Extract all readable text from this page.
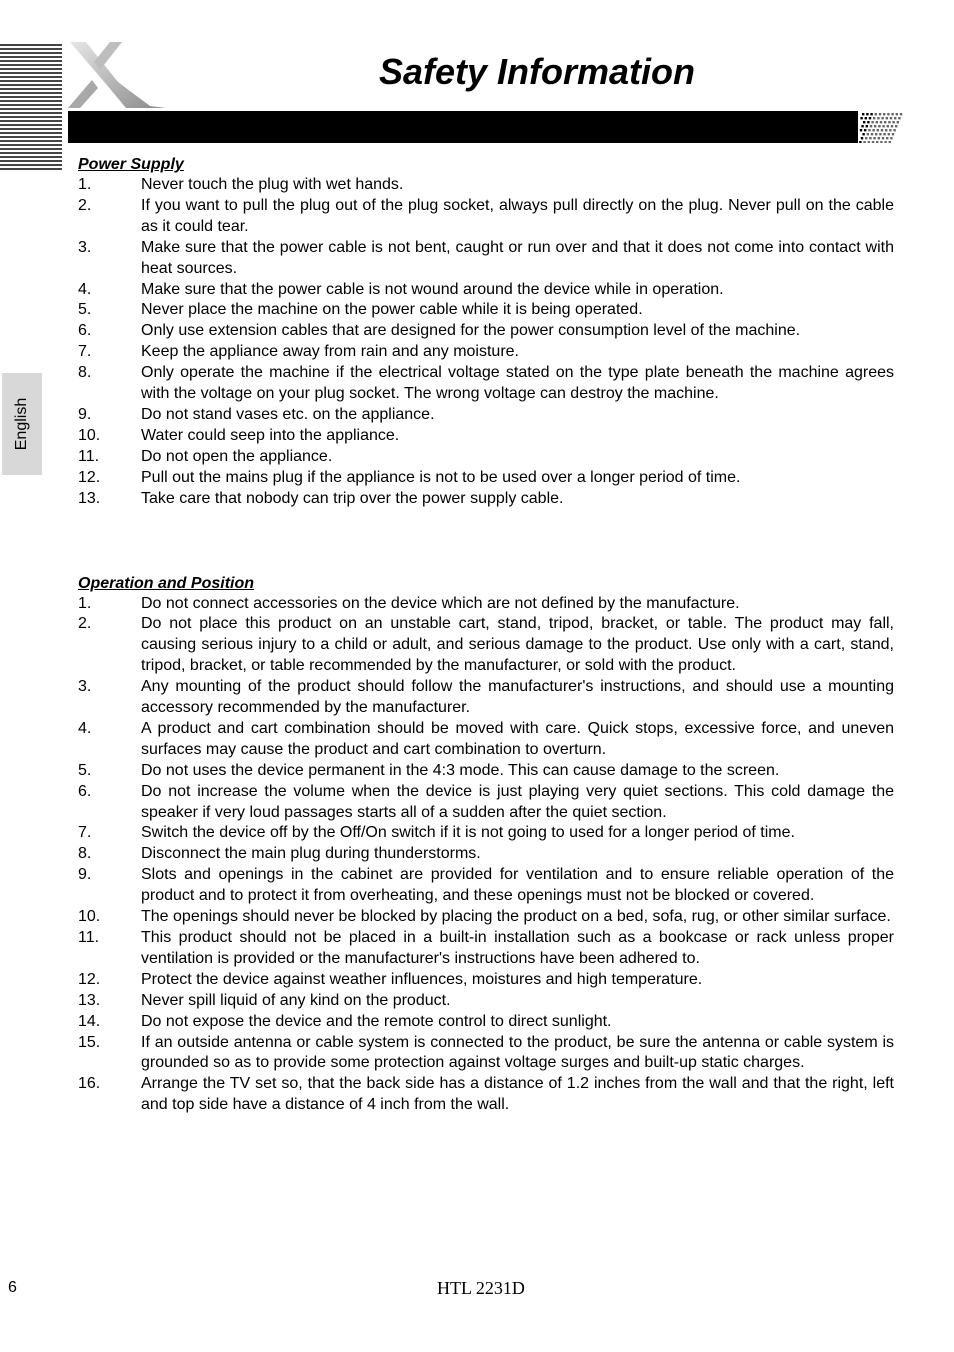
Safety Information
English
Power Supply
1.	Never touch the plug with wet hands.
2.	If you want to pull the plug out of the plug socket, always pull directly on the plug. Never pull on the cable as it could tear.
3.	Make sure that the power cable is not bent, caught or run over and that it does not come into contact with heat sources.
4.	Make sure that the power cable is not wound around the device while in operation.
5.	Never place the machine on the power cable while it is being operated.
6.	Only use extension cables that are designed for the power consumption level of the machine.
7.	Keep the appliance away from rain and any moisture.
8.	Only operate the machine if the electrical voltage stated on the type plate beneath the machine agrees with the voltage on your plug socket. The wrong voltage can destroy the machine.
9.	Do not stand vases etc. on the appliance.
10.	Water could seep into the appliance.
11.	Do not open the appliance.
12.	Pull out the mains plug if the appliance is not to be used over a longer period of time.
13.	Take care that nobody can trip over the power supply cable.
Operation and Position
1.	Do not connect accessories on the device which are not defined by the manufacture.
2.	Do not place this product on an unstable cart, stand, tripod, bracket, or table. The product may fall, causing serious injury to a child or adult, and serious damage to the product. Use only with a cart, stand, tripod, bracket, or table recommended by the manufacturer, or sold with the product.
3.	Any mounting of the product should follow the manufacturer's instructions, and should use a mounting accessory recommended by the manufacturer.
4.	A product and cart combination should be moved with care. Quick stops, excessive force, and uneven surfaces may cause the product and cart combination to overturn.
5.	Do not uses the device permanent in the 4:3 mode. This can cause damage to the screen.
6.	Do not increase the volume when the device is just playing very quiet sections. This cold damage the speaker if very loud passages starts all of a sudden after the quiet section.
7.	Switch the device off by the Off/On switch if it is not going to used for a longer period of time.
8.	Disconnect the main plug during thunderstorms.
9.	Slots and openings in the cabinet are provided for ventilation and to ensure reliable operation of the product and to protect it from overheating, and these openings must not be blocked or covered.
10.	The openings should never be blocked by placing the product on a bed, sofa, rug, or other similar surface.
11.	This product should not be placed in a built-in installation such as a bookcase or rack unless proper ventilation is provided or the manufacturer's instructions have been adhered to.
12.	Protect the device against weather influences, moistures and high temperature.
13.	Never spill liquid of any kind on the product.
14.	Do not expose the device and the remote control to direct sunlight.
15.	If an outside antenna or cable system is connected to the product, be sure the antenna or cable system is grounded so as to provide some protection against voltage surges and built-up static charges.
16.	Arrange the TV set so, that the back side has a distance of 1.2 inches from the wall and that the right, left and top side have a distance of 4 inch from the wall.
6	HTL 2231D
